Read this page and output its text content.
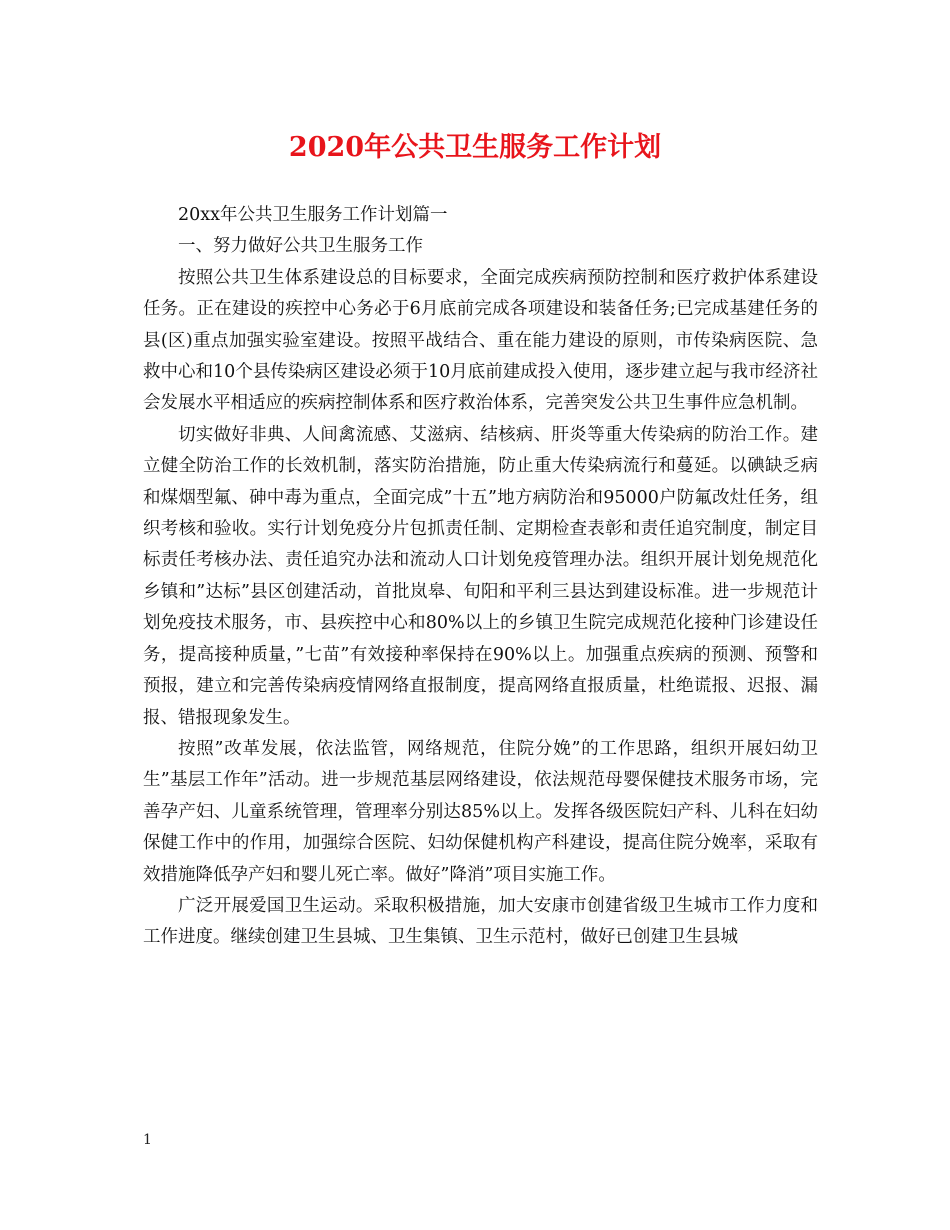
2020年公共卫生服务工作计划

20xx年公共卫生服务工作计划篇一

一、努力做好公共卫生服务工作

按照公共卫生体系建设总的目标要求，全面完成疾病预防控制和医疗救护体系建设任务。正在建设的疾控中心务必于6月底前完成各项建设和装备任务;已完成基建任务的县(区)重点加强实验室建设。按照平战结合、重在能力建设的原则，市传染病医院、急救中心和10个县传染病区建设必须于10月底前建成投入使用，逐步建立起与我市经济社会发展水平相适应的疾病控制体系和医疗救治体系，完善突发公共卫生事件应急机制。

切实做好非典、人间禽流感、艾滋病、结核病、肝炎等重大传染病的防治工作。建立健全防治工作的长效机制，落实防治措施，防止重大传染病流行和蔓延。以碘缺乏病和煤烟型氟、砷中毒为重点，全面完成”十五”地方病防治和95000户防氟改灶任务，组织考核和验收。实行计划免疫分片包抓责任制、定期检查表彰和责任追究制度，制定目标责任考核办法、责任追究办法和流动人口计划免疫管理办法。组织开展计划免规范化乡镇和”达标”县区创建活动，首批岚皋、旬阳和平利三县达到建设标准。进一步规范计划免疫技术服务，市、县疾控中心和80%以上的乡镇卫生院完成规范化接种门诊建设任务，提高接种质量，”七苗”有效接种率保持在90%以上。加强重点疾病的预测、预警和预报，建立和完善传染病疫情网络直报制度，提高网络直报质量，杜绝谎报、迟报、漏报、错报现象发生。

按照”改革发展，依法监管，网络规范，住院分娩”的工作思路，组织开展妇幼卫生”基层工作年”活动。进一步规范基层网络建设，依法规范母婴保健技术服务市场，完善孕产妇、儿童系统管理，管理率分别达85%以上。发挥各级医院妇产科、儿科在妇幼保健工作中的作用，加强综合医院、妇幼保健机构产科建设，提高住院分娩率，采取有效措施降低孕产妇和婴儿死亡率。做好”降消”项目实施工作。

广泛开展爱国卫生运动。采取积极措施，加大安康市创建省级卫生城市工作力度和工作进度。继续创建卫生县城、卫生集镇、卫生示范村，做好已创建卫生县城

1
